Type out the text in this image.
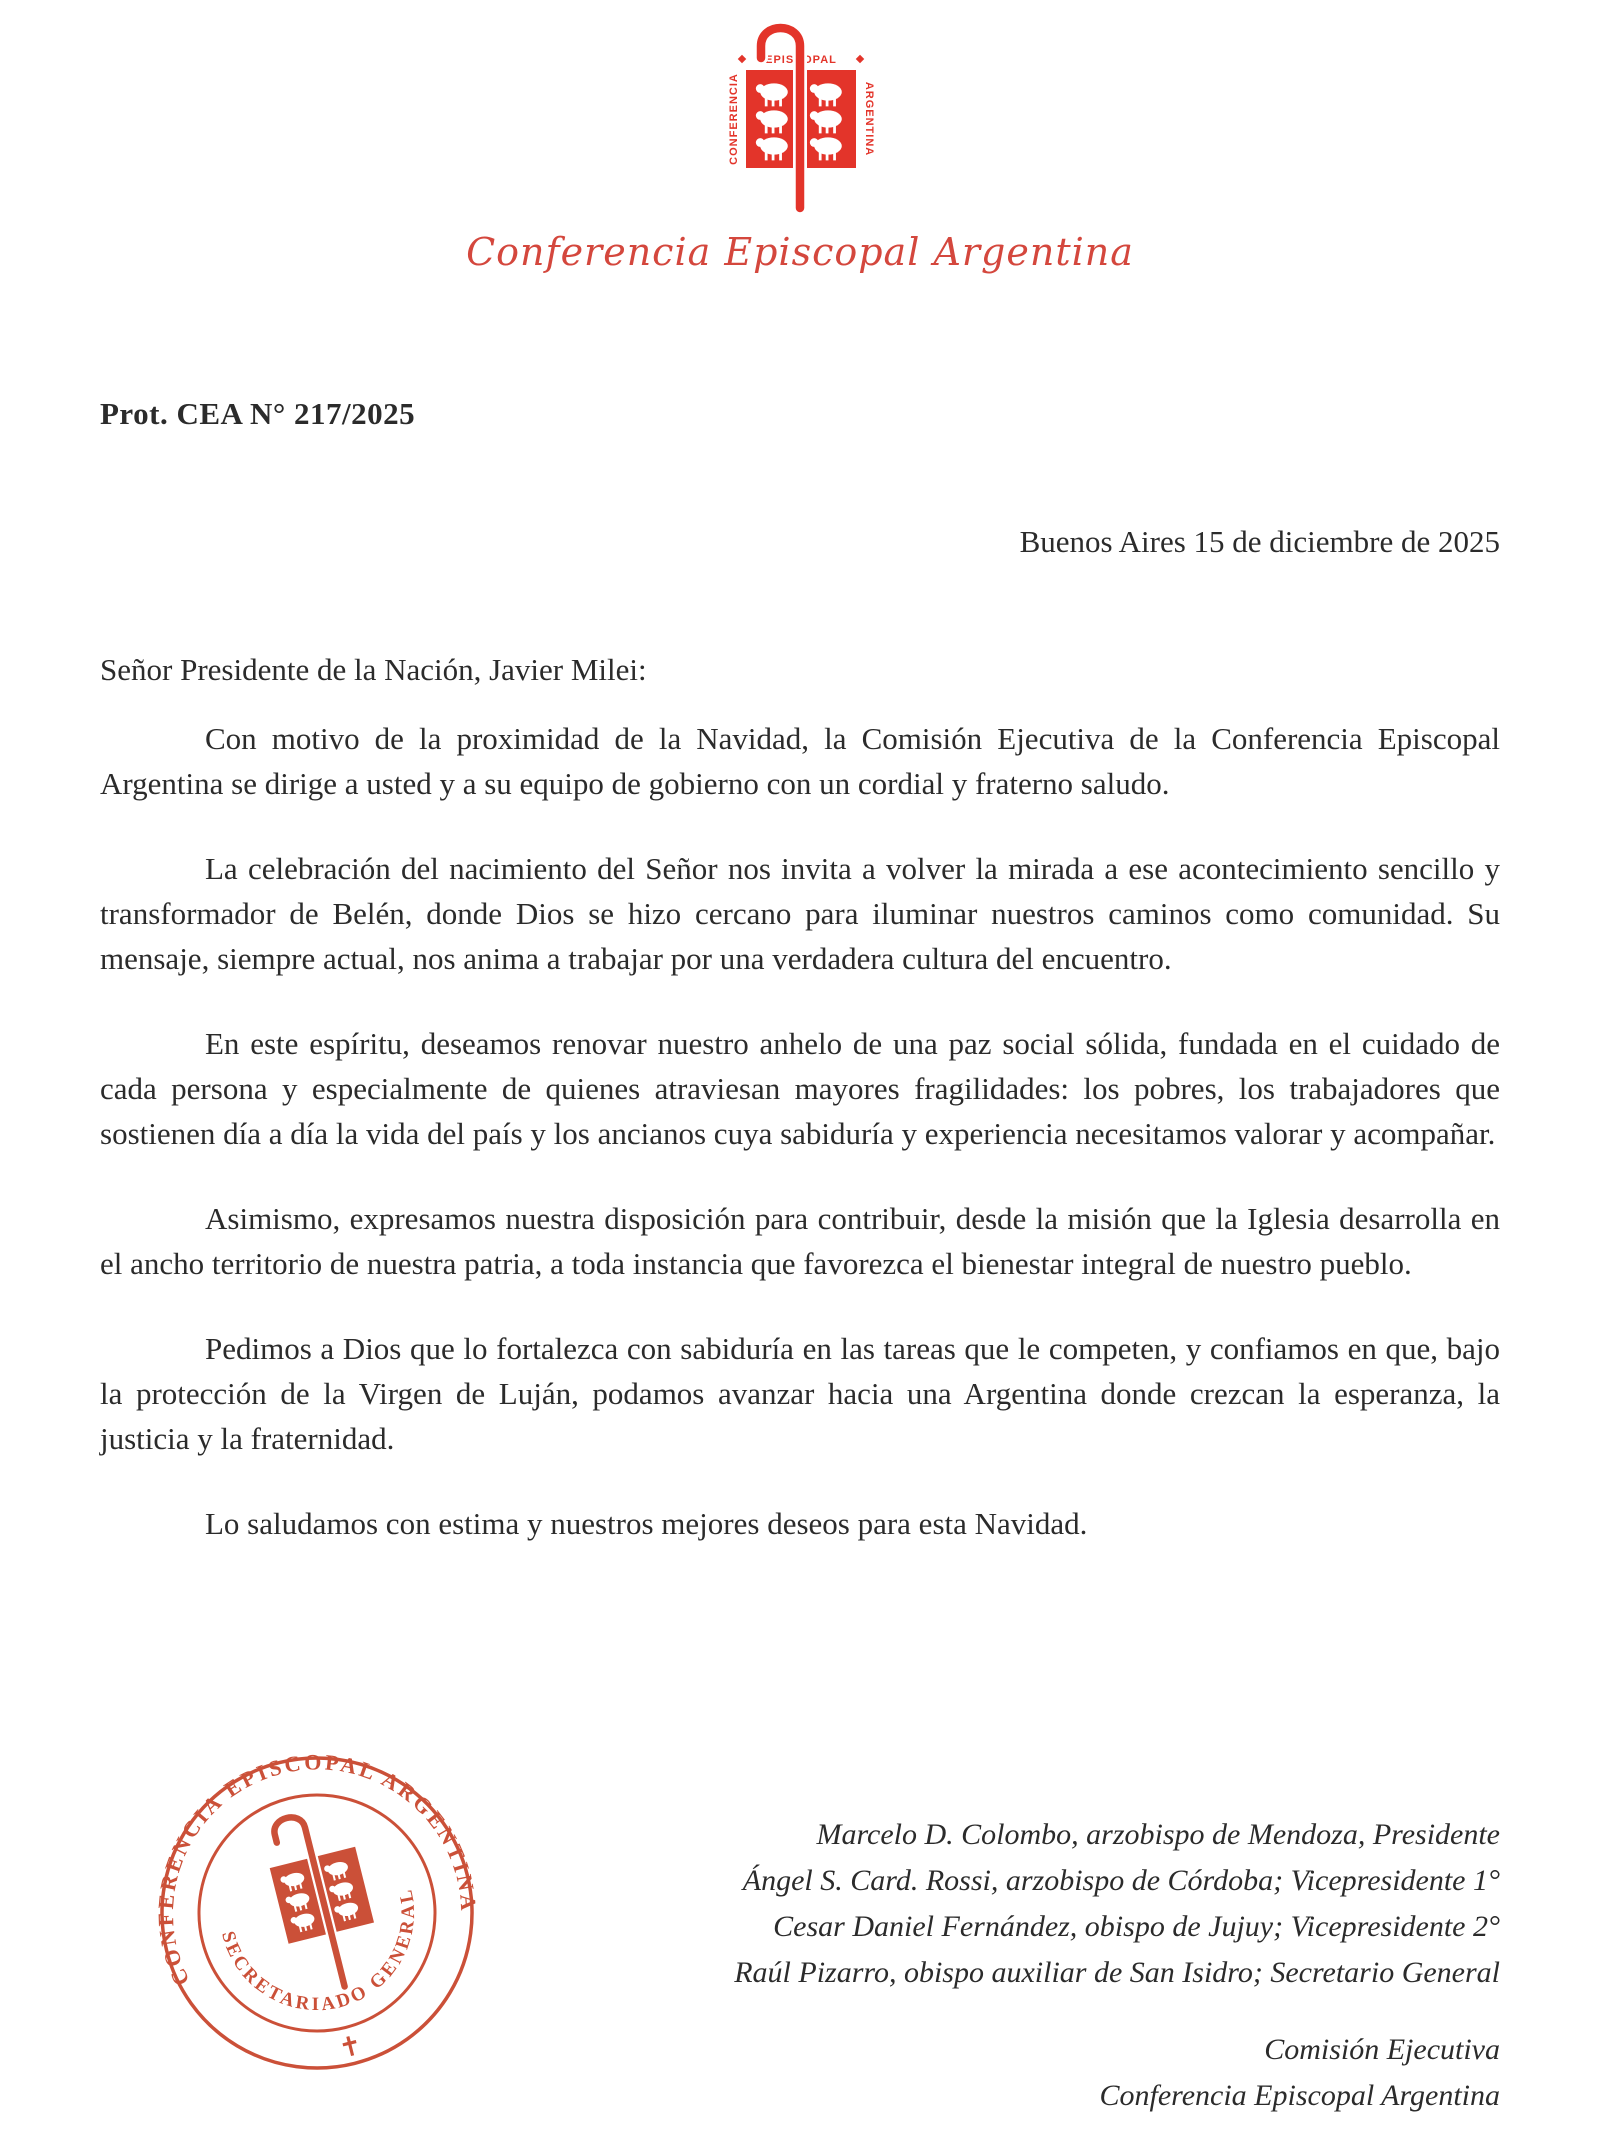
CONFERENCIA
EPISCOPAL
ARGENTINA
Conferencia Episcopal Argentina
Prot. CEA N° 217/2025
Buenos Aires 15 de diciembre de 2025
Señor Presidente de la Nación, Javier Milei:

Con motivo de la proximidad de la Navidad, la Comisión Ejecutiva de la Conferencia Episcopal Argentina se dirige a usted y a su equipo de gobierno con un cordial y fraterno saludo.

La celebración del nacimiento del Señor nos invita a volver la mirada a ese acontecimiento sencillo y transformador de Belén, donde Dios se hizo cercano para iluminar nuestros caminos como comunidad. Su mensaje, siempre actual, nos anima a trabajar por una verdadera cultura del encuentro.

En este espíritu, deseamos renovar nuestro anhelo de una paz social sólida, fundada en el cuidado de cada persona y especialmente de quienes atraviesan mayores fragilidades: los pobres, los trabajadores que sostienen día a día la vida del país y los ancianos cuya sabiduría y experiencia necesitamos valorar y acompañar.

Asimismo, expresamos nuestra disposición para contribuir, desde la misión que la Iglesia desarrolla en el ancho territorio de nuestra patria, a toda instancia que favorezca el bienestar integral de nuestro pueblo.

Pedimos a Dios que lo fortalezca con sabiduría en las tareas que le competen, y confiamos en que, bajo la protección de la Virgen de Luján, podamos avanzar hacia una Argentina donde crezcan la esperanza, la justicia y la fraternidad.

Lo saludamos con estima y nuestros mejores deseos para esta Navidad.

CONFERENCIA EPISCOPAL ARGENTINA
SECRETARIADO GENERAL
✝
Marcelo D. Colombo, arzobispo de Mendoza, Presidente
Ángel S. Card. Rossi, arzobispo de Córdoba; Vicepresidente 1°
Cesar Daniel Fernández, obispo de Jujuy; Vicepresidente 2°
Raúl Pizarro, obispo auxiliar de San Isidro; Secretario General
Comisión Ejecutiva
Conferencia Episcopal Argentina
